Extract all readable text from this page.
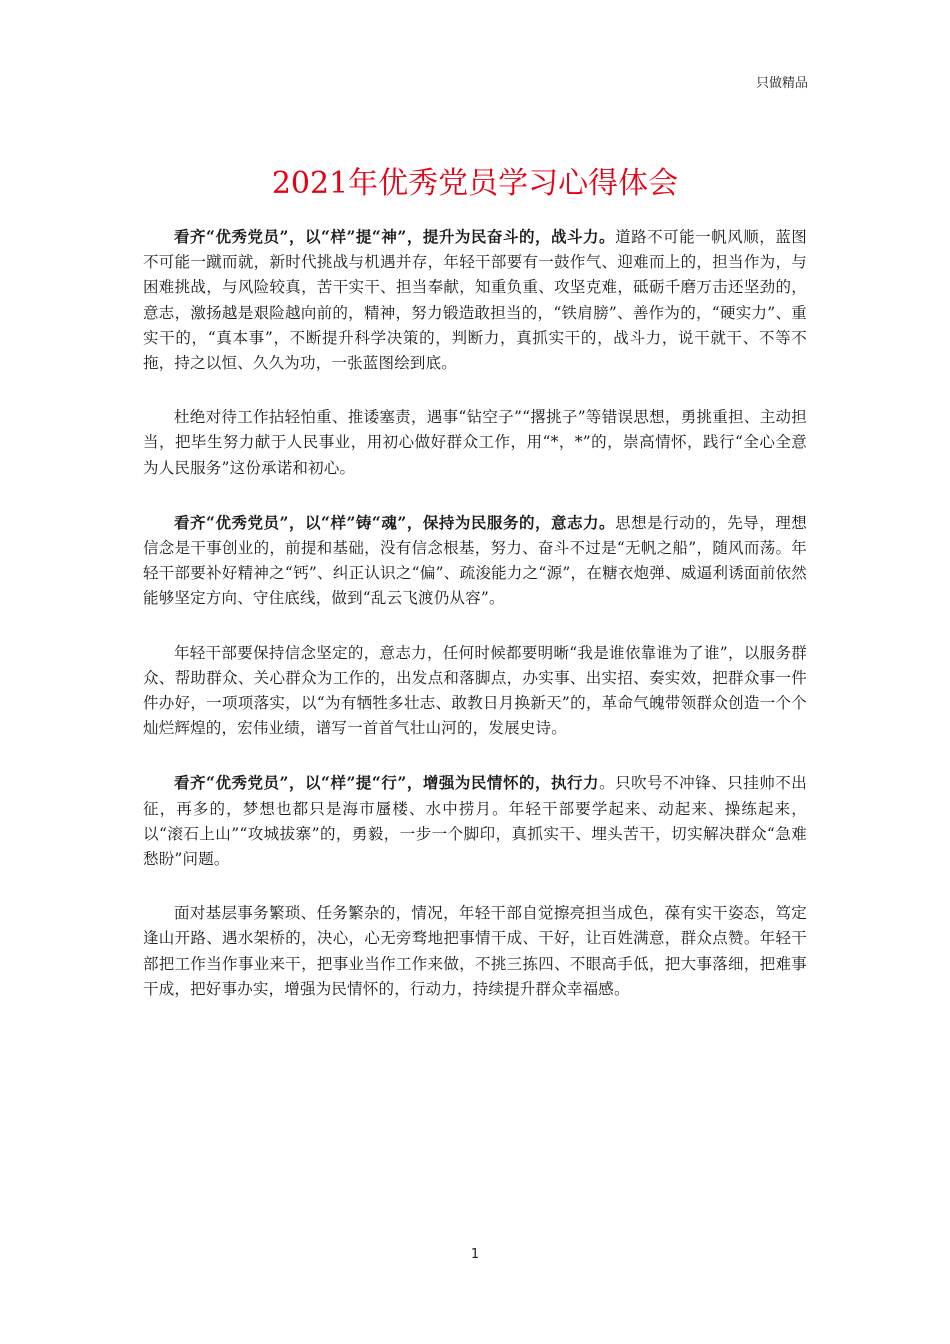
只做精品
2021年优秀党员学习心得体会

看齐“优秀党员”，以“样”提“神”，提升为民奋斗的，战斗力。道路不可能一帆风顺，蓝图不可能一蹴而就，新时代挑战与机遇并存，年轻干部要有一鼓作气、迎难而上的，担当作为，与困难挑战，与风险较真，苦干实干、担当奉献，知重负重、攻坚克难，砥砺千磨万击还坚劲的，意志，激扬越是艰险越向前的，精神，努力锻造敢担当的，“铁肩膀”、善作为的，“硬实力”、重实干的，“真本事”，不断提升科学决策的，判断力，真抓实干的，战斗力，说干就干、不等不拖，持之以恒、久久为功，一张蓝图绘到底。

杜绝对待工作拈轻怕重、推诿塞责，遇事“钻空子”“撂挑子”等错误思想，勇挑重担、主动担当，把毕生努力献于人民事业，用初心做好群众工作，用“*，*”的，崇高情怀，践行“全心全意为人民服务”这份承诺和初心。

看齐“优秀党员”，以“样”铸“魂”，保持为民服务的，意志力。思想是行动的，先导，理想信念是干事创业的，前提和基础，没有信念根基，努力、奋斗不过是“无帆之船”，随风而荡。年轻干部要补好精神之“钙”、纠正认识之“偏”、疏浚能力之“源”，在糖衣炮弹、威逼利诱面前依然能够坚定方向、守住底线，做到“乱云飞渡仍从容”。

年轻干部要保持信念坚定的，意志力，任何时候都要明晰“我是谁依靠谁为了谁”，以服务群众、帮助群众、关心群众为工作的，出发点和落脚点，办实事、出实招、奏实效，把群众事一件件办好，一项项落实，以“为有牺牲多壮志、敢教日月换新天”的，革命气魄带领群众创造一个个灿烂辉煌的，宏伟业绩，谱写一首首气壮山河的，发展史诗。

看齐“优秀党员”，以“样”提“行”，增强为民情怀的，执行力。只吹号不冲锋、只挂帅不出征，再多的，梦想也都只是海市蜃楼、水中捞月。年轻干部要学起来、动起来、操练起来，以“滚石上山”“攻城拔寨”的，勇毅，一步一个脚印，真抓实干、埋头苦干，切实解决群众“急难愁盼”问题。

面对基层事务繁琐、任务繁杂的，情况，年轻干部自觉擦亮担当成色，葆有实干姿态，笃定逢山开路、遇水架桥的，决心，心无旁骛地把事情干成、干好，让百姓满意，群众点赞。年轻干部把工作当作事业来干，把事业当作工作来做，不挑三拣四、不眼高手低，把大事落细，把难事干成，把好事办实，增强为民情怀的，行动力，持续提升群众幸福感。

1
